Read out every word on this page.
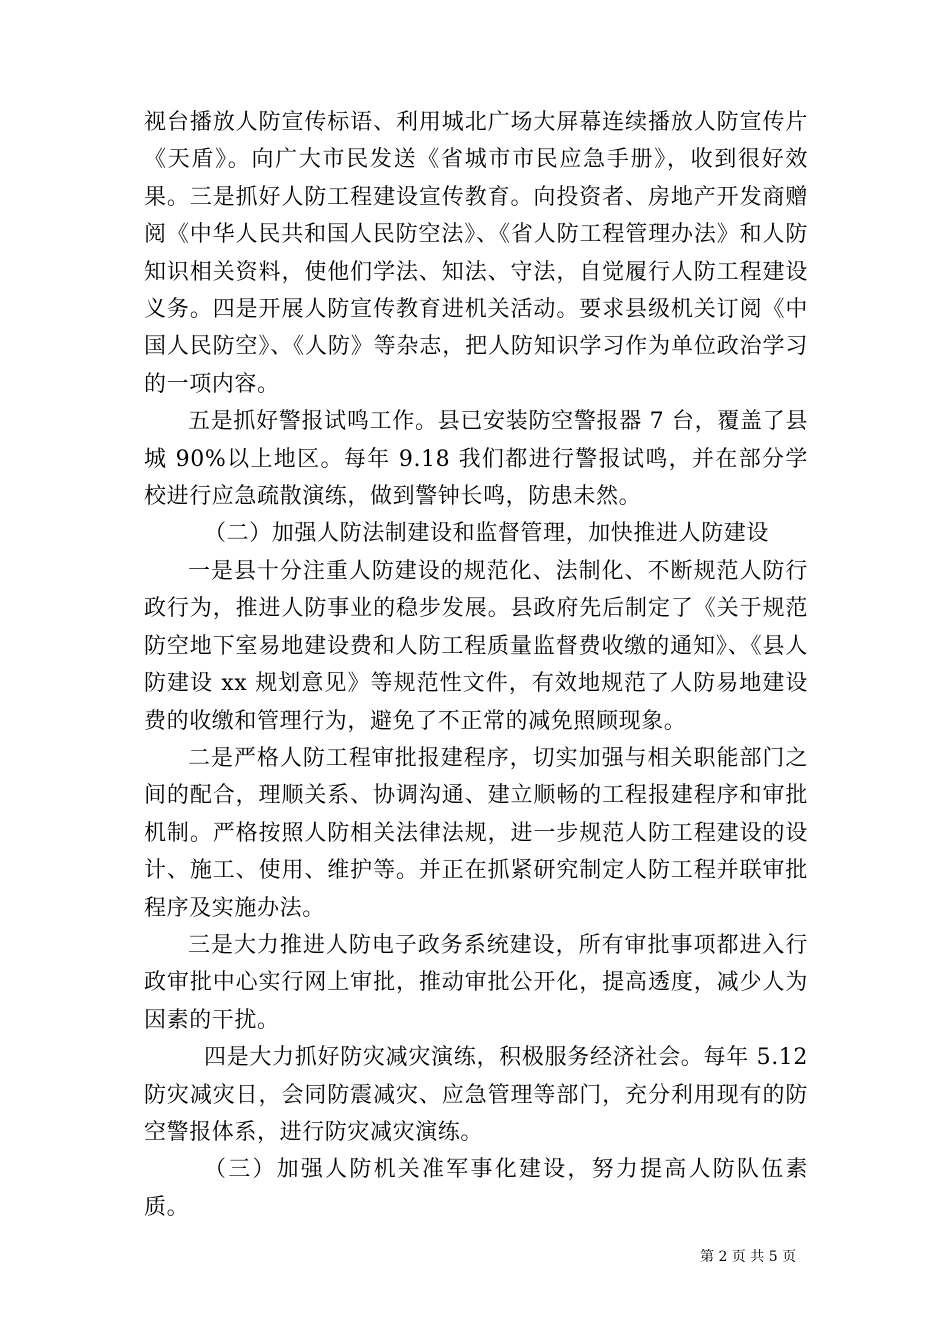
视台播放人防宣传标语、利用城北广场大屏幕连续播放人防宣传片《天盾》。向广大市民发送《省城市市民应急手册》，收到很好效果。三是抓好人防工程建设宣传教育。向投资者、房地产开发商赠阅《中华人民共和国人民防空法》、《省人防工程管理办法》和人防知识相关资料，使他们学法、知法、守法，自觉履行人防工程建设义务。四是开展人防宣传教育进机关活动。要求县级机关订阅《中国人民防空》、《人防》等杂志，把人防知识学习作为单位政治学习的一项内容。

五是抓好警报试鸣工作。县已安装防空警报器 7 台，覆盖了县城 90%以上地区。每年 9.18 我们都进行警报试鸣，并在部分学校进行应急疏散演练，做到警钟长鸣，防患未然。

（二）加强人防法制建设和监督管理，加快推进人防建设

一是县十分注重人防建设的规范化、法制化、不断规范人防行政行为，推进人防事业的稳步发展。县政府先后制定了《关于规范防空地下室易地建设费和人防工程质量监督费收缴的通知》、《县人防建设 xx 规划意见》等规范性文件，有效地规范了人防易地建设费的收缴和管理行为，避免了不正常的减免照顾现象。

二是严格人防工程审批报建程序，切实加强与相关职能部门之间的配合，理顺关系、协调沟通、建立顺畅的工程报建程序和审批机制。严格按照人防相关法律法规，进一步规范人防工程建设的设计、施工、使用、维护等。并正在抓紧研究制定人防工程并联审批程序及实施办法。

三是大力推进人防电子政务系统建设，所有审批事项都进入行政审批中心实行网上审批，推动审批公开化，提高透度，减少人为因素的干扰。

四是大力抓好防灾减灾演练，积极服务经济社会。每年 5.12 防灾减灾日，会同防震减灾、应急管理等部门，充分利用现有的防空警报体系，进行防灾减灾演练。

（三）加强人防机关准军事化建设，努力提高人防队伍素质。

第 2 页 共 5 页
